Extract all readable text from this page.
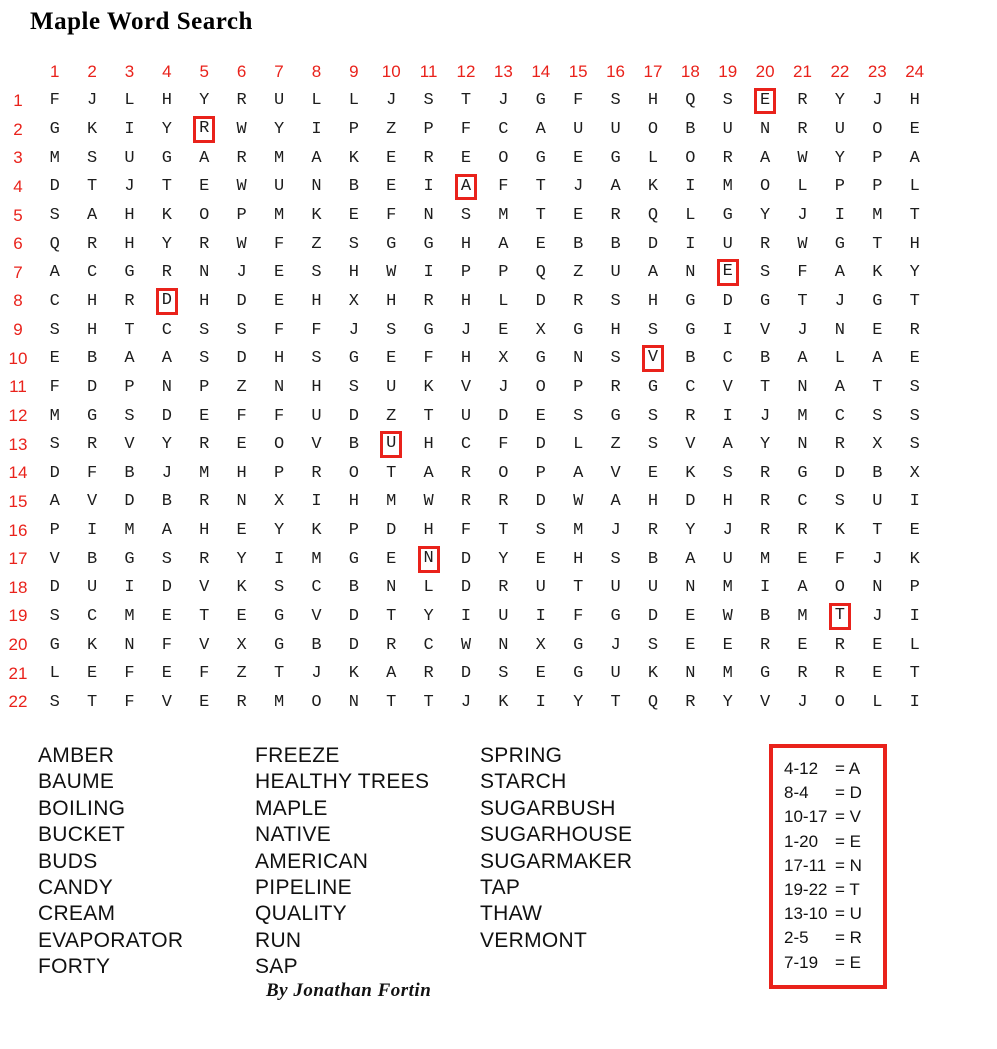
Maple Word Search
1	2	3	4	5	6	7	8	9	10	11	12	13	14	15	16	17	18	19	20	21	22	23	24
1	F J L H Y R U L L J S T J G F S H Q S	E	R Y J H
2	G K I Y	R	W Y I P Z P F C A U U O B U N R U O E
3	M S U G A R M A K E R E O G E G L O R A W Y P A
4	D T J T E W U N B E I	A	F T J A K I M O L P P L
5	S A H K O P M K E F N S M T E R Q L G Y J I M T
6	Q R H Y R W F Z S G G H A E B B D I U R W G T H
7	A C G R N J E S H W I P P Q Z U A N	E	S F A K Y
8	C H R	D	H D E H X H R H L D R S H G D G T J G T
9	S H T C S S F F J S G J E X G H S G I V J N E R
10	E B A A S D H S G E F H X G N S	V	B C B A L A E
11	F D P N P Z N H S U K V J O P R G C V T N A T S
12	M G S D E F F U D Z T U D E S G S R I J M C S S
13	S R V Y R E O V B	U	H C F D L Z S V A Y N R X S
14	D F B J M H P R O T A R O P A V E K S R G D B X
15	A V D B R N X I H M W R R D W A H D H R C S U I
16	P I M A H E Y K P D H F T S M J R Y J R R K T E
17	V B G S R Y I M G E	N	D Y E H S B A U M E F J K
18	D U I D V K S C B N L D R U T U U N M I A O N P
19	S C M E T E G V D T Y I U I F G D E W B M	T	J I
20	G K N F V X G B D R C W N X G J S E E R E R E L
21	L E F E F Z T J K A R D S E G U K N M G R R E T
22	S T F V E R M O N T T J K I Y T Q R Y V J O L I
AMBER
BAUME
BOILING
BUCKET
BUDS
CANDY
CREAM
EVAPORATOR
FORTY
FREEZE
HEALTHY TREES
MAPLE
NATIVE
AMERICAN
PIPELINE
QUALITY
RUN
SAP
SPRING
STARCH
SUGARBUSH
SUGARHOUSE
SUGARMAKER
TAP
THAW
VERMONT
4-12 = A
8-4	= D
10-17 = V
1-20 = E
17-11 = N
19-22 = T
13-10 = U
2-5	= R
7-19 = E
By Jonathan Fortin
